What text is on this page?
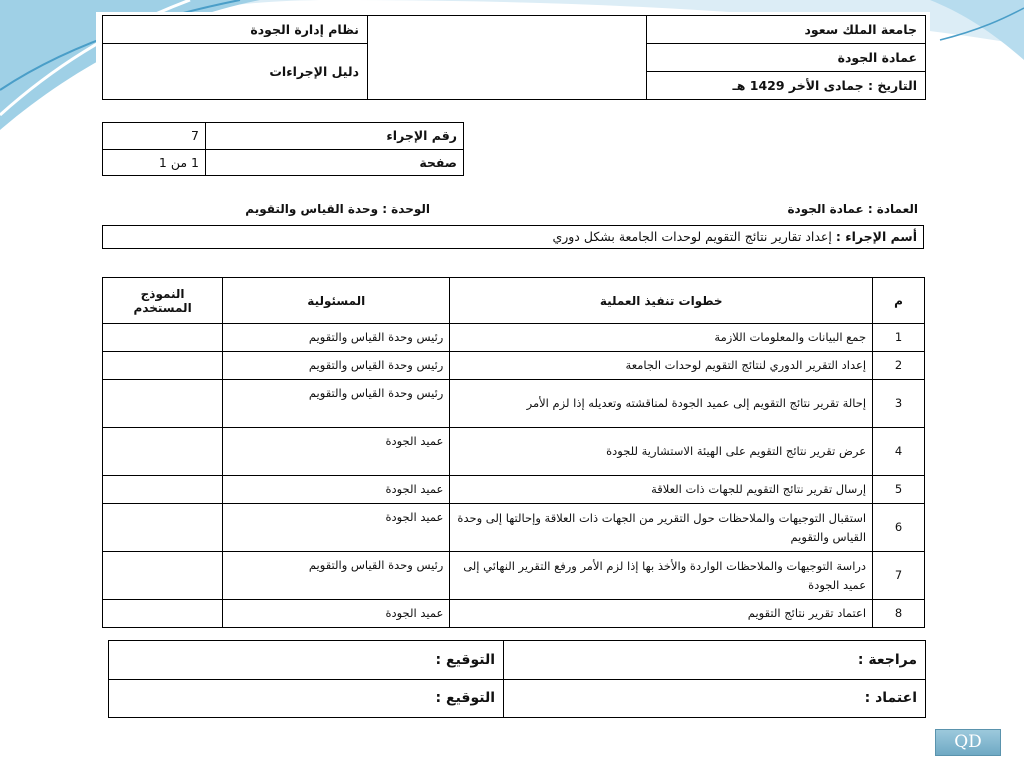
جامعة الملك سعود		نظام إدارة الجودة
عمادة الجودة		دليل الإجراءات
التاريخ : جمادى الأخر 1429 هـ		
رقم الإجراء	7
صفحة	1 من 1
العمادة : عمادة الجودة
الوحدة : وحدة القياس والتقويم
أسم الإجراء : إعداد تقارير نتائج التقويم لوحدات الجامعة بشكل دوري
م	خطوات تنفيذ العملية	المسئولية	النموذج
المستخدم
1	جمع البيانات والمعلومات اللازمة	رئيس وحدة القياس والتقويم	
2	إعداد التقرير الدوري لنتائج التقويم لوحدات الجامعة	رئيس وحدة القياس والتقويم	
3	إحالة تقرير نتائج التقويم إلى عميد الجودة لمناقشته وتعديله إذا لزم الأمر	رئيس وحدة القياس والتقويم	
4	عرض تقرير نتائج التقويم على الهيئة الاستشارية للجودة	عميد الجودة	
5	إرسال تقرير نتائج التقويم للجهات ذات العلاقة	عميد الجودة	
6	استقبال التوجيهات والملاحظات حول التقرير من الجهات ذات العلاقة وإحالتها إلى وحدة القياس والتقويم	عميد الجودة	
7	دراسة التوجيهات والملاحظات الواردة والأخذ بها إذا لزم الأمر ورفع التقرير النهائي إلى عميد الجودة	رئيس وحدة القياس والتقويم	
8	اعتماد تقرير نتائج التقويم	عميد الجودة	
مراجعة :	التوقيع :
اعتماد :	التوقيع :
QD
